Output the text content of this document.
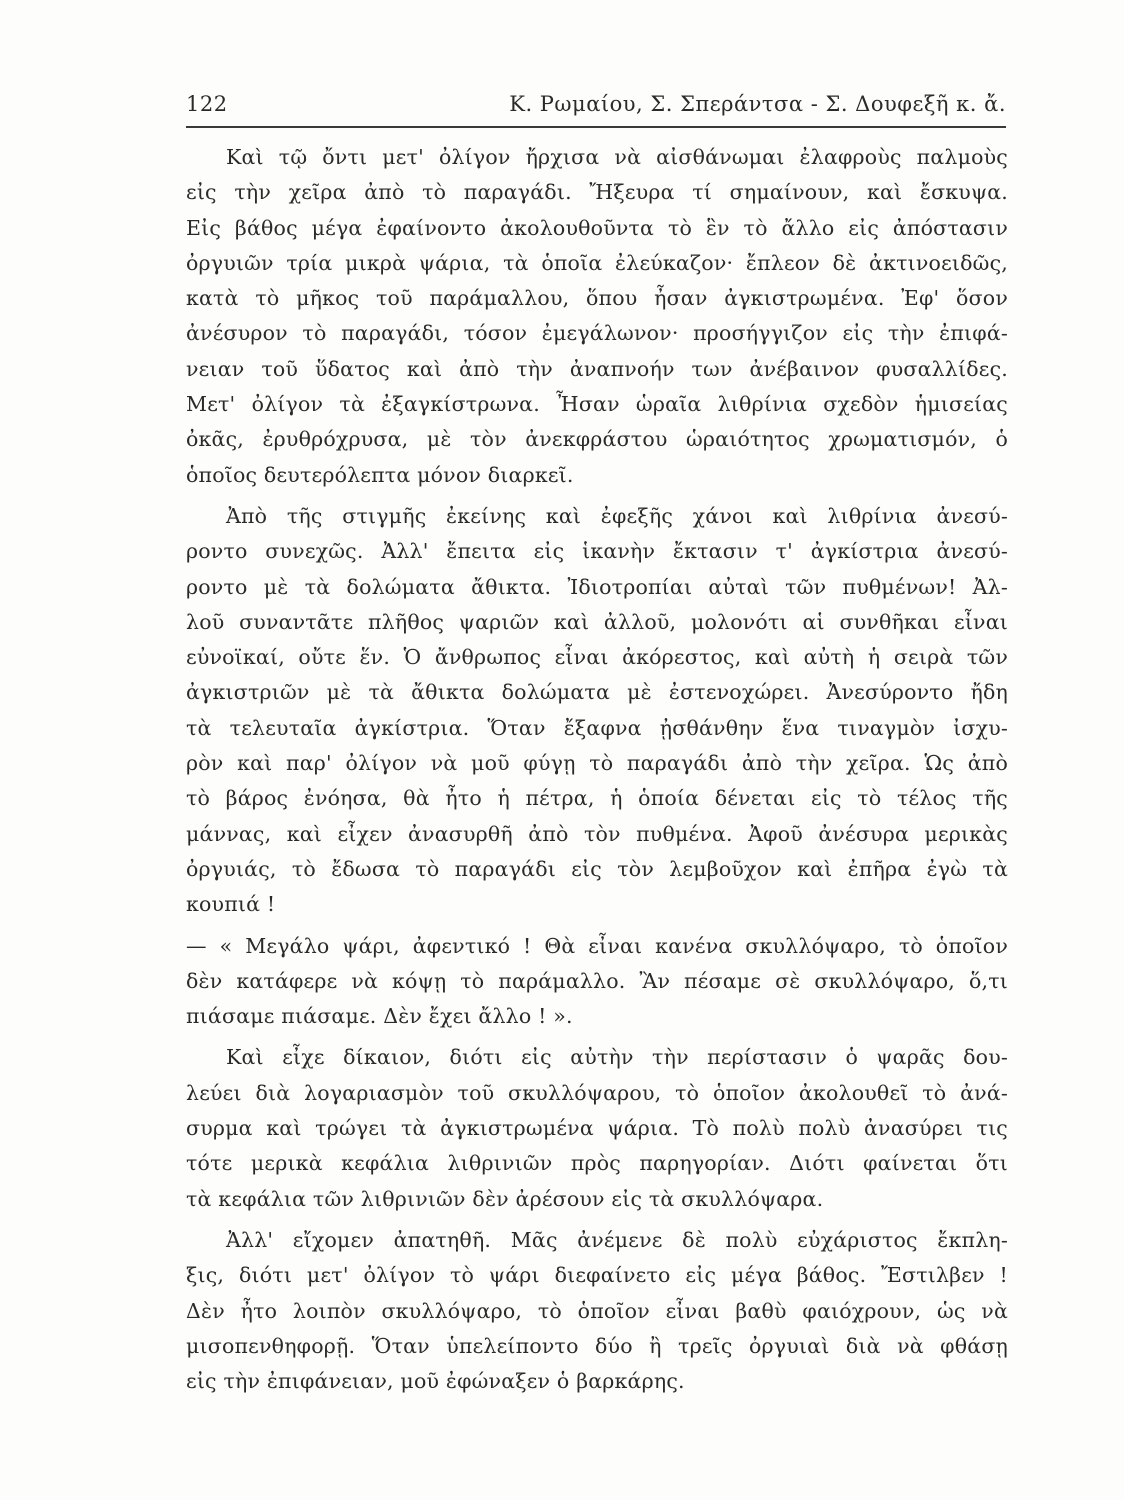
122	Κ. Ρωμαίου, Σ. Σπεράντσα - Σ. Δουφεξῆ κ. ἄ.
Καὶ τῷ ὄντι μετ' ὀλίγον ἤρχισα νὰ αἰσθάνωμαι ἐλαφροὺς παλμοὺς
εἰς τὴν χεῖρα ἀπὸ τὸ παραγάδι. Ἤξευρα τί σημαίνουν, καὶ ἔσκυψα.
Εἰς βάθος μέγα ἐφαίνοντο ἀκολουθοῦντα τὸ ἓν τὸ ἄλλο εἰς ἀπόστασιν
ὀργυιῶν τρία μικρὰ ψάρια, τὰ ὁποῖα ἐλεύκαζον· ἔπλεον δὲ ἀκτινοειδῶς,
κατὰ τὸ μῆκος τοῦ παράμαλλου, ὅπου ἦσαν ἀγκιστρωμένα. Ἐφ' ὅσον
ἀνέσυρον τὸ παραγάδι, τόσον ἐμεγάλωνον· προσήγγιζον εἰς τὴν ἐπιφά-
νειαν τοῦ ὕδατος καὶ ἀπὸ τὴν ἀναπνοήν των ἀνέβαινον φυσαλλίδες.
Μετ' ὀλίγον τὰ ἐξαγκίστρωνα. Ἦσαν ὡραῖα λιθρίνια σχεδὸν ἡμισείας
ὀκᾶς, ἐρυθρόχρυσα, μὲ τὸν ἀνεκφράστου ὡραιότητος χρωματισμόν, ὁ
ὁποῖος δευτερόλεπτα μόνον διαρκεῖ.
Ἀπὸ τῆς στιγμῆς ἐκείνης καὶ ἐφεξῆς χάνοι καὶ λιθρίνια ἀνεσύ-
ροντο συνεχῶς. Ἀλλ' ἔπειτα εἰς ἱκανὴν ἔκτασιν τ' ἀγκίστρια ἀνεσύ-
ροντο μὲ τὰ δολώματα ἄθικτα. Ἰδιοτροπίαι αὐταὶ τῶν πυθμένων! Ἀλ-
λοῦ συναντᾶτε πλῆθος ψαριῶν καὶ ἀλλοῦ, μολονότι αἱ συνθῆκαι εἶναι
εὐνοϊκαί, οὔτε ἕν. Ὁ ἄνθρωπος εἶναι ἀκόρεστος, καὶ αὐτὴ ἡ σειρὰ τῶν
ἀγκιστριῶν μὲ τὰ ἄθικτα δολώματα μὲ ἐστενοχώρει. Ἀνεσύροντο ἤδη
τὰ τελευταῖα ἀγκίστρια. Ὅταν ἔξαφνα ᾐσθάνθην ἕνα τιναγμὸν ἰσχυ-
ρὸν καὶ παρ' ὀλίγον νὰ μοῦ φύγῃ τὸ παραγάδι ἀπὸ τὴν χεῖρα. Ὡς ἀπὸ
τὸ βάρος ἐνόησα, θὰ ἦτο ἡ πέτρα, ἡ ὁποία δένεται εἰς τὸ τέλος τῆς
μάννας, καὶ εἶχεν ἀνασυρθῆ ἀπὸ τὸν πυθμένα. Ἀφοῦ ἀνέσυρα μερικὰς
ὀργυιάς, τὸ ἔδωσα τὸ παραγάδι εἰς τὸν λεμβοῦχον καὶ ἐπῆρα ἐγὼ τὰ
κουπιά !
— « Μεγάλο ψάρι, ἀφεντικό ! Θὰ εἶναι κανένα σκυλλόψαρο, τὸ ὁποῖον
δὲν κατάφερε νὰ κόψῃ τὸ παράμαλλο. Ἂν πέσαμε σὲ σκυλλόψαρο, ὅ,τι
πιάσαμε πιάσαμε. Δὲν ἔχει ἄλλο ! ».
Καὶ εἶχε δίκαιον, διότι εἰς αὐτὴν τὴν περίστασιν ὁ ψαρᾶς δου-
λεύει διὰ λογαριασμὸν τοῦ σκυλλόψαρου, τὸ ὁποῖον ἀκολουθεῖ τὸ ἀνά-
συρμα καὶ τρώγει τὰ ἀγκιστρωμένα ψάρια. Τὸ πολὺ πολὺ ἀνασύρει τις
τότε μερικὰ κεφάλια λιθρινιῶν πρὸς παρηγορίαν. Διότι φαίνεται ὅτι
τὰ κεφάλια τῶν λιθρινιῶν δὲν ἀρέσουν εἰς τὰ σκυλλόψαρα.
Ἀλλ' εἴχομεν ἀπατηθῆ. Μᾶς ἀνέμενε δὲ πολὺ εὐχάριστος ἔκπλη-
ξις, διότι μετ' ὀλίγον τὸ ψάρι διεφαίνετο εἰς μέγα βάθος. Ἔστιλβεν !
Δὲν ἦτο λοιπὸν σκυλλόψαρο, τὸ ὁποῖον εἶναι βαθὺ φαιόχρουν, ὡς νὰ
μισοπενθηφορῇ. Ὅταν ὑπελείποντο δύο ἢ τρεῖς ὀργυιαὶ διὰ νὰ φθάσῃ
εἰς τὴν ἐπιφάνειαν, μοῦ ἐφώναξεν ὁ βαρκάρης.
